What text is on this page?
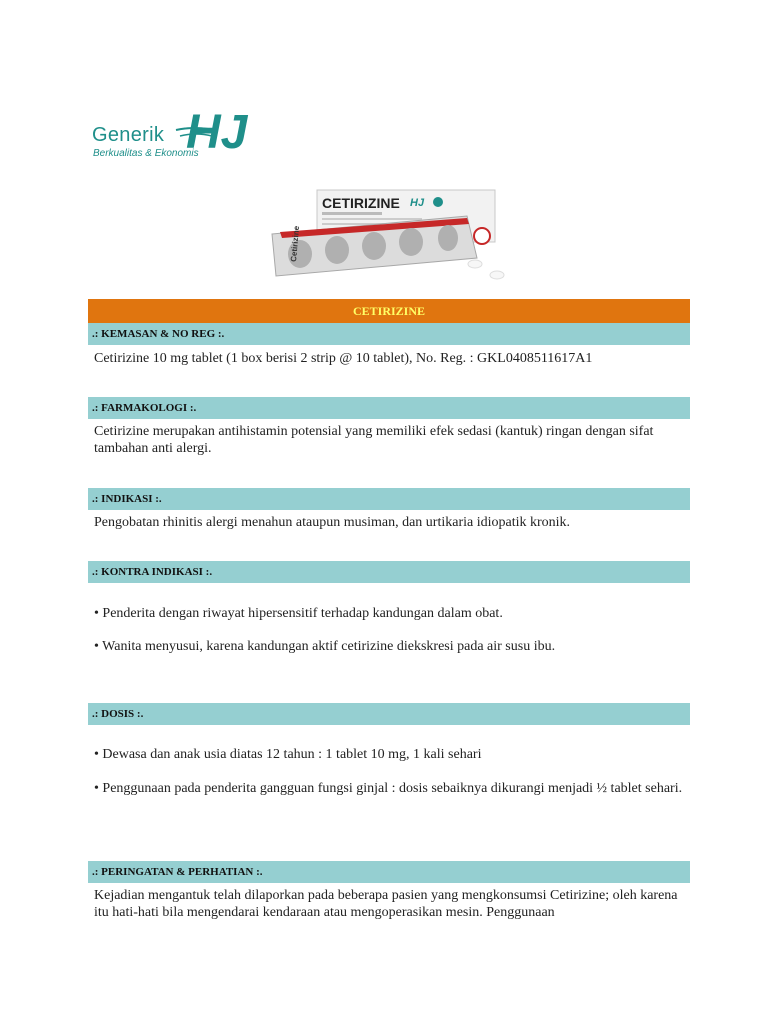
Generik
Berkualitas & Ekonomis
HJ
CETIRIZINE HJ
Cetirizine
CETIRIZINE
.: KEMASAN & NO REG :.
Cetirizine 10 mg tablet (1 box berisi 2 strip @ 10 tablet), No. Reg. : GKL0408511617A1
.: FARMAKOLOGI :.
Cetirizine merupakan antihistamin potensial yang memiliki efek sedasi (kantuk) ringan dengan sifat tambahan anti alergi.
.: INDIKASI :.
Pengobatan rhinitis alergi menahun ataupun musiman, dan urtikaria idiopatik kronik.
.: KONTRA INDIKASI :.
• Penderita dengan riwayat hipersensitif terhadap kandungan dalam obat.
• Wanita menyusui, karena kandungan aktif cetirizine diekskresi pada air susu ibu.
.: DOSIS :.
• Dewasa dan anak usia diatas 12 tahun : 1 tablet 10 mg, 1 kali sehari
• Penggunaan pada penderita gangguan fungsi ginjal : dosis sebaiknya dikurangi menjadi ½ tablet sehari.
.: PERINGATAN & PERHATIAN :.
Kejadian mengantuk telah dilaporkan pada beberapa pasien yang mengkonsumsi Cetirizine; oleh karena itu hati-hati bila mengendarai kendaraan atau mengoperasikan mesin. Penggunaan
